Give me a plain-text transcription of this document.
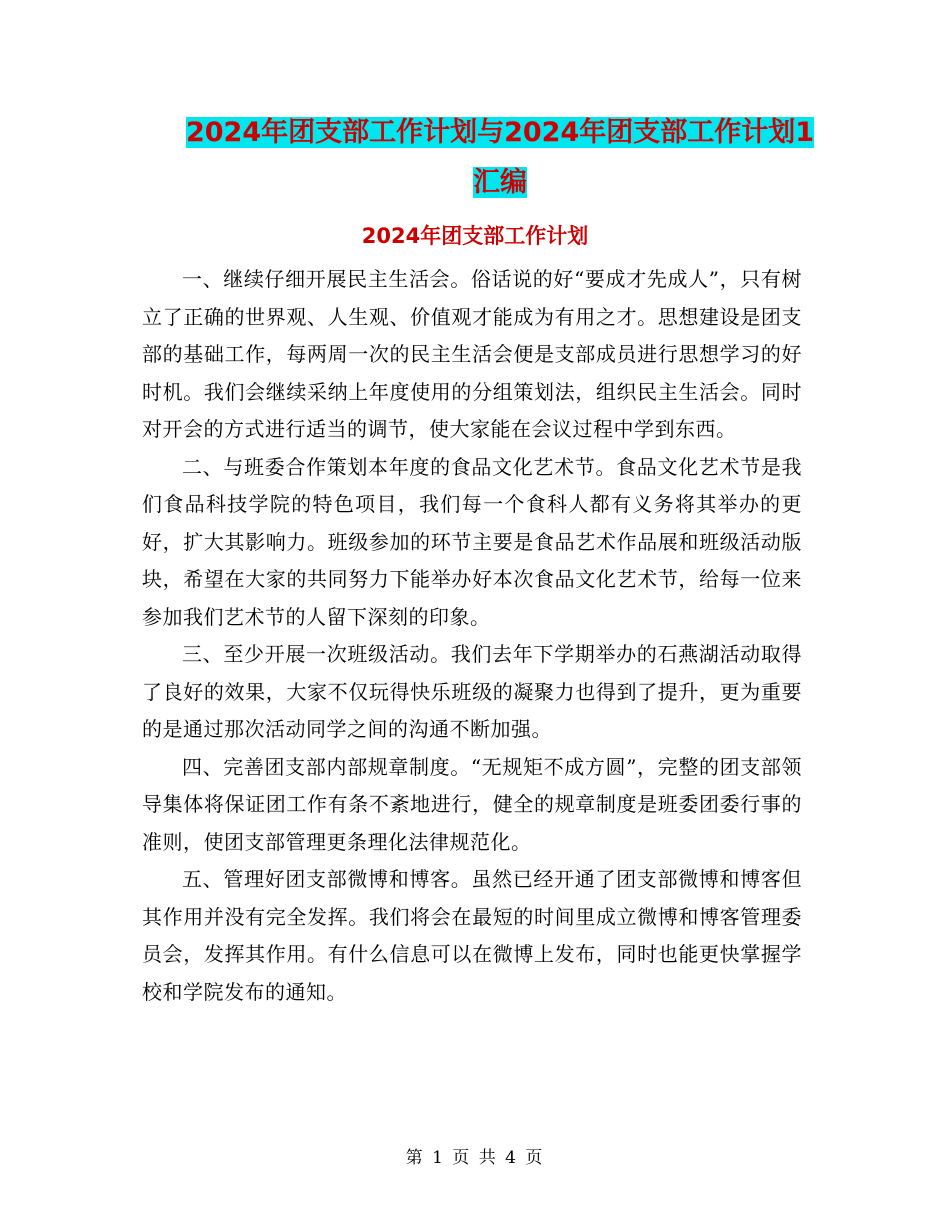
2024年团支部工作计划与2024年团支部工作计划1汇编
2024年团支部工作计划

一、继续仔细开展民主生活会。俗话说的好“要成才先成人”，只有树立了正确的世界观、人生观、价值观才能成为有用之才。思想建设是团支部的基础工作，每两周一次的民主生活会便是支部成员进行思想学习的好时机。我们会继续采纳上年度使用的分组策划法，组织民主生活会。同时对开会的方式进行适当的调节，使大家能在会议过程中学到东西。

二、与班委合作策划本年度的食品文化艺术节。食品文化艺术节是我们食品科技学院的特色项目，我们每一个食科人都有义务将其举办的更好，扩大其影响力。班级参加的环节主要是食品艺术作品展和班级活动版块，希望在大家的共同努力下能举办好本次食品文化艺术节，给每一位来参加我们艺术节的人留下深刻的印象。

三、至少开展一次班级活动。我们去年下学期举办的石燕湖活动取得了良好的效果，大家不仅玩得快乐班级的凝聚力也得到了提升，更为重要的是通过那次活动同学之间的沟通不断加强。

四、完善团支部内部规章制度。“无规矩不成方圆”，完整的团支部领导集体将保证团工作有条不紊地进行，健全的规章制度是班委团委行事的准则，使团支部管理更条理化法律规范化。

五、管理好团支部微博和博客。虽然已经开通了团支部微博和博客但其作用并没有完全发挥。我们将会在最短的时间里成立微博和博客管理委员会，发挥其作用。有什么信息可以在微博上发布，同时也能更快掌握学校和学院发布的通知。

第 1 页 共 4 页
